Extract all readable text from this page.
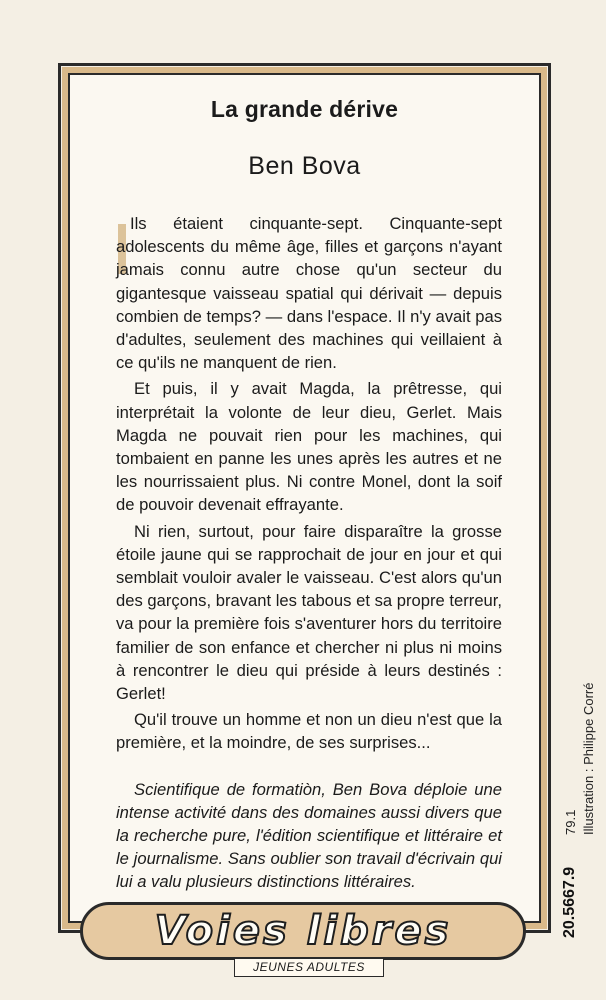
La grande dérive
Ben Bova

Ils étaient cinquante-sept. Cinquante-sept adolescents du même âge, filles et garçons n'ayant jamais connu autre chose qu'un secteur du gigantesque vaisseau spatial qui dérivait — depuis combien de temps? — dans l'espace. Il n'y avait pas d'adultes, seulement des machines qui veillaient à ce qu'ils ne manquent de rien.

Et puis, il y avait Magda, la prêtresse, qui interprétait la volonte de leur dieu, Gerlet. Mais Magda ne pouvait rien pour les machines, qui tombaient en panne les unes après les autres et ne les nourrissaient plus. Ni contre Monel, dont la soif de pouvoir devenait effrayante.

Ni rien, surtout, pour faire disparaître la grosse étoile jaune qui se rapprochait de jour en jour et qui semblait vouloir avaler le vaisseau. C'est alors qu'un des garçons, bravant les tabous et sa propre terreur, va pour la première fois s'aventurer hors du territoire familier de son enfance et chercher ni plus ni moins à rencontrer le dieu qui préside à leurs destinés : Gerlet!

Qu'il trouve un homme et non un dieu n'est que la première, et la moindre, de ses surprises...

Scientifique de formatiòn, Ben Bova déploie une intense activité dans des domaines aussi divers que la recherche pure, l'édition scientifique et littéraire et le journalisme. Sans oublier son travail d'écrivain qui lui a valu plusieurs distinctions littéraires.	20.5667.9
79.1 Illustration : Philippe Corré
Voies libres
JEUNES ADULTES
